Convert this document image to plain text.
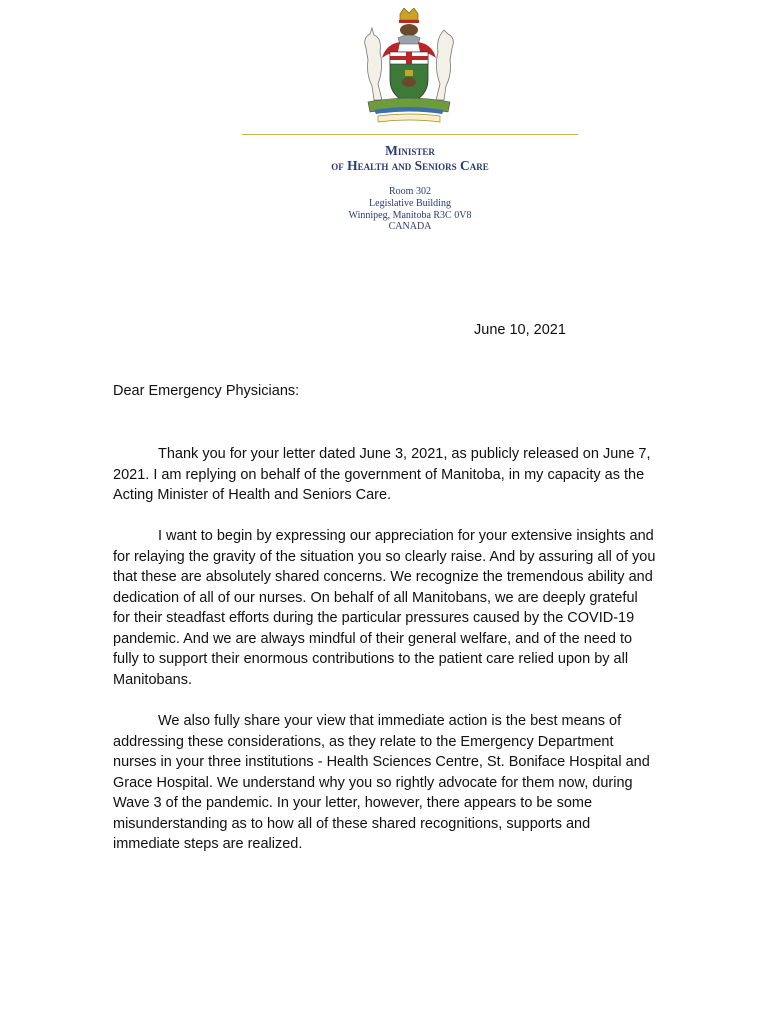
Minister
of Health and Seniors Care
Room 302
Legislative Building
Winnipeg, Manitoba R3C 0V8
CANADA
June 10, 2021
Dear Emergency Physicians:

Thank you for your letter dated June 3, 2021, as publicly released on June 7, 2021. I am replying on behalf of the government of Manitoba, in my capacity as the Acting Minister of Health and Seniors Care.

I want to begin by expressing our appreciation for your extensive insights and for relaying the gravity of the situation you so clearly raise. And by assuring all of you that these are absolutely shared concerns. We recognize the tremendous ability and dedication of all of our nurses. On behalf of all Manitobans, we are deeply grateful for their steadfast efforts during the particular pressures caused by the COVID-19 pandemic. And we are always mindful of their general welfare, and of the need to fully to support their enormous contributions to the patient care relied upon by all Manitobans.

We also fully share your view that immediate action is the best means of addressing these considerations, as they relate to the Emergency Department nurses in your three institutions - Health Sciences Centre, St. Boniface Hospital and Grace Hospital. We understand why you so rightly advocate for them now, during Wave 3 of the pandemic. In your letter, however, there appears to be some misunderstanding as to how all of these shared recognitions, supports and immediate steps are realized.
